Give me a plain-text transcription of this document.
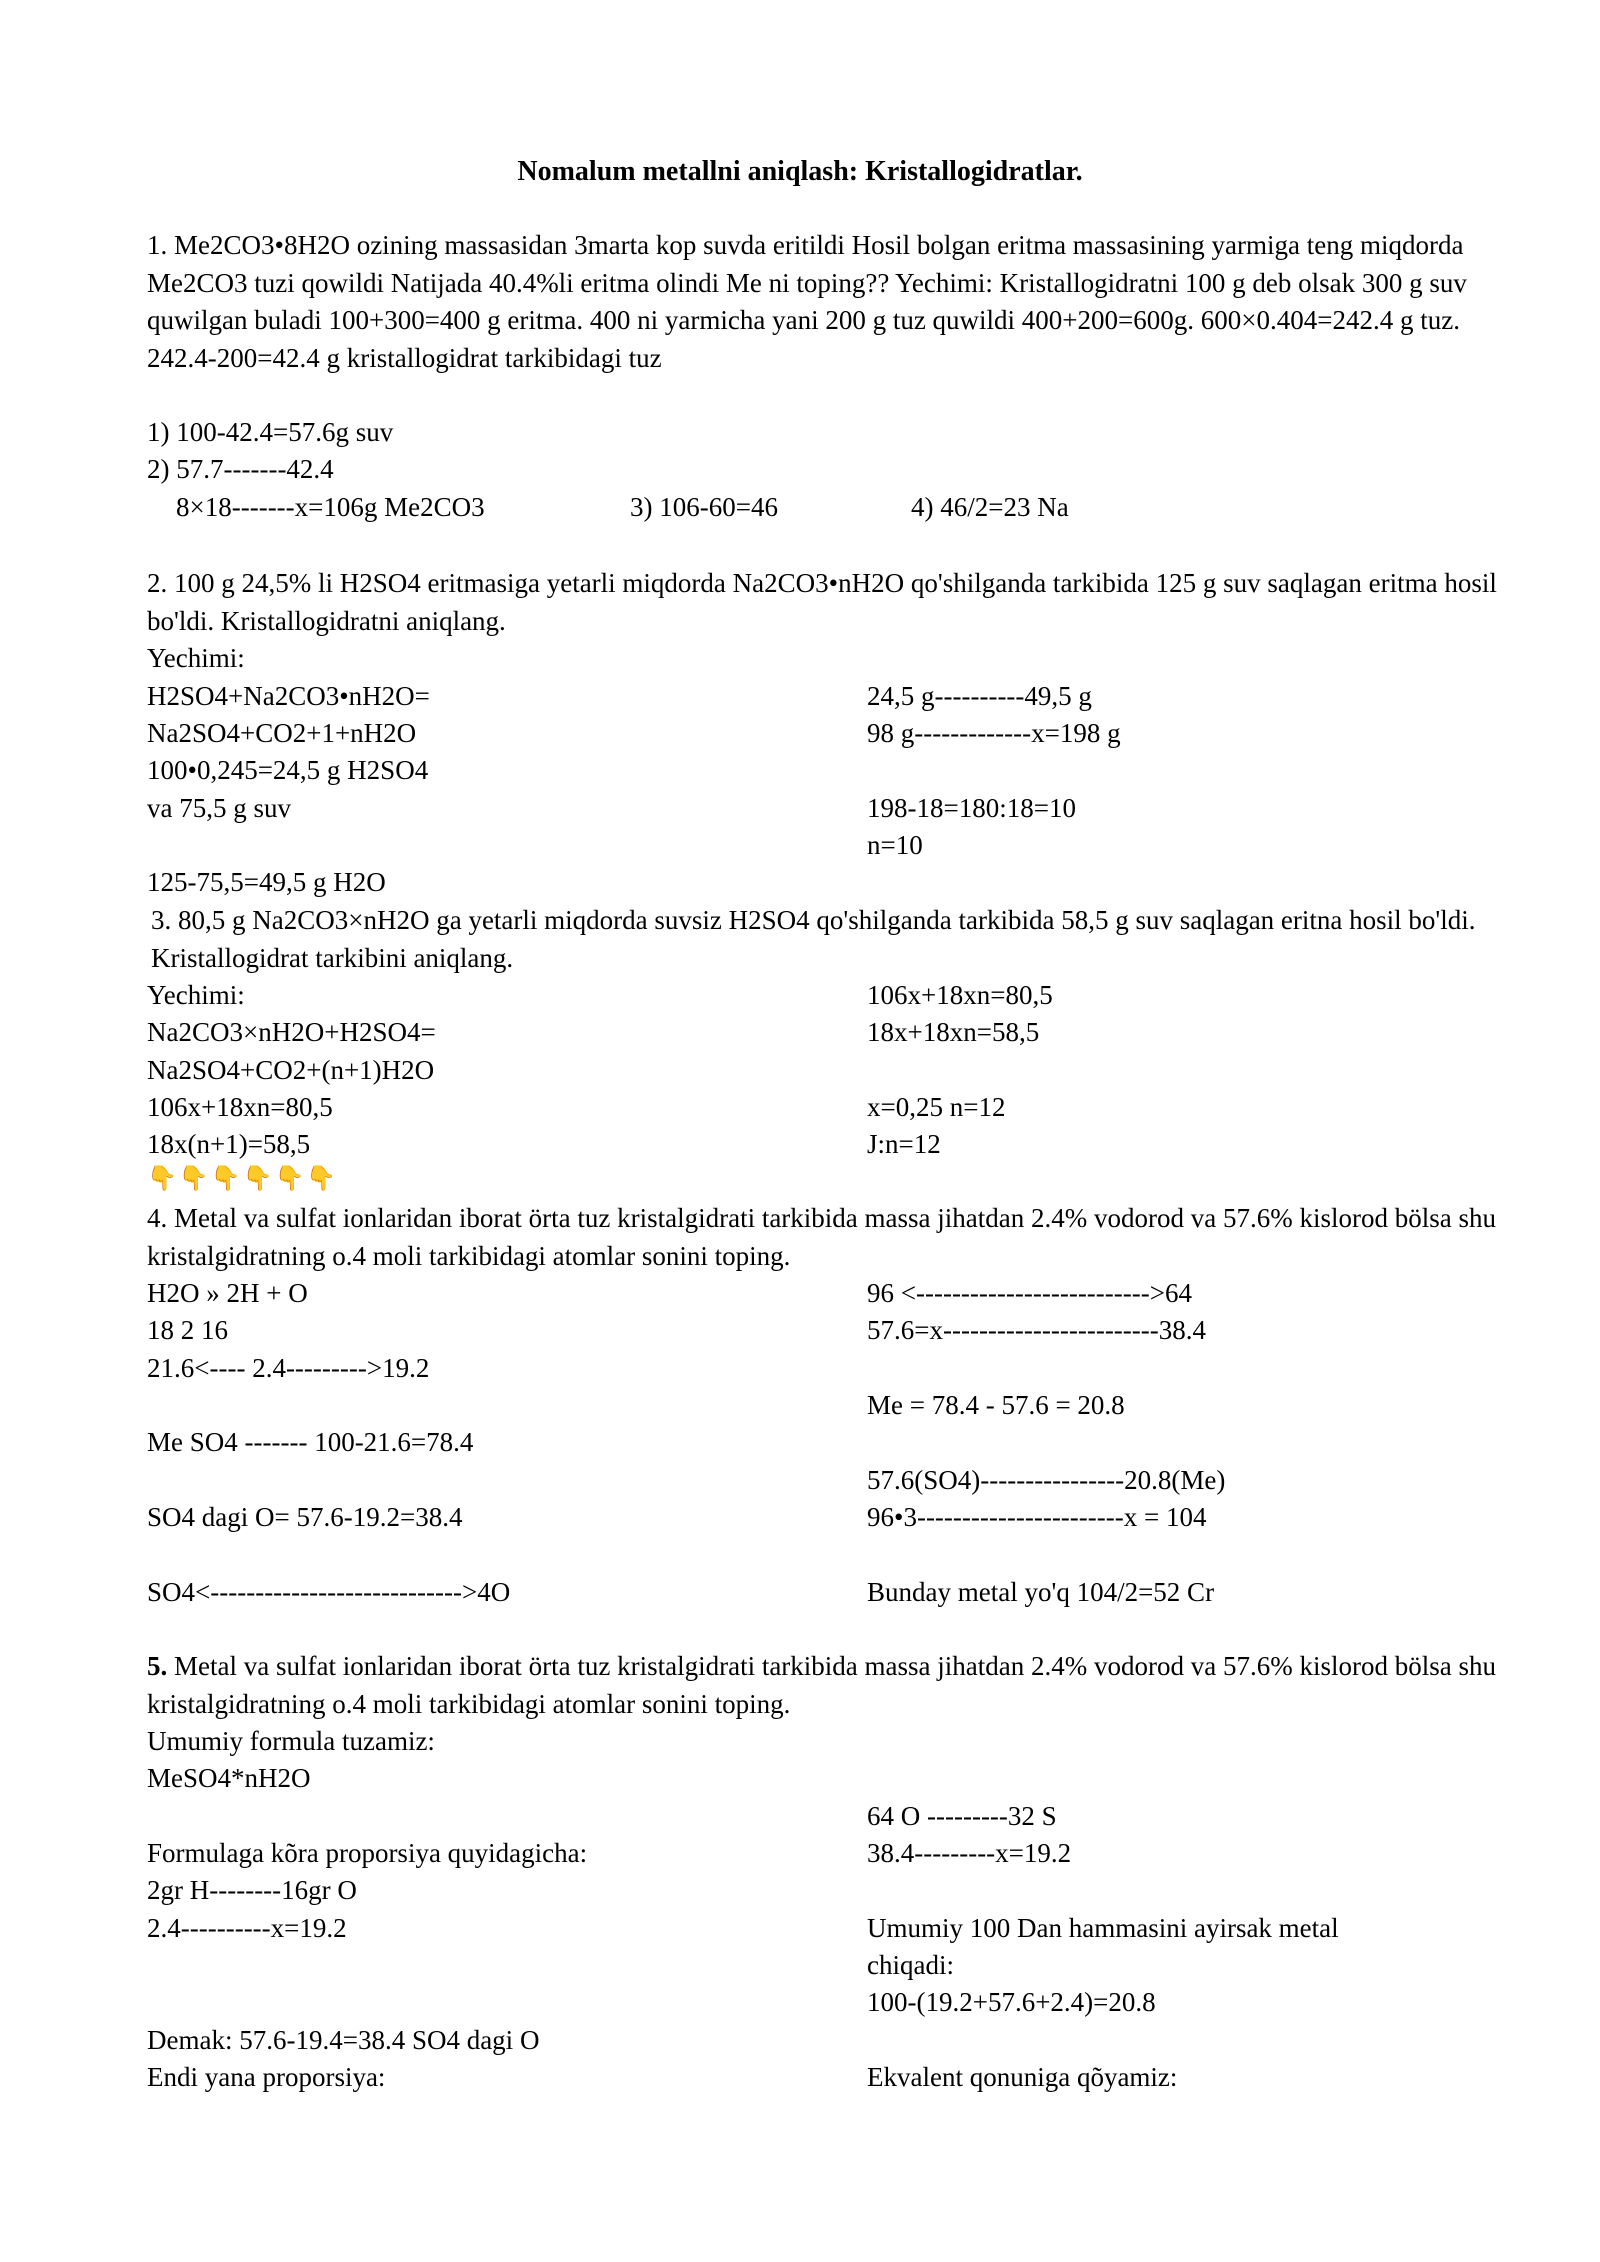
Nomalum metallni aniqlash: Kristallogidratlar.
1. Me2CO3•8H2O ozining massasidan 3marta kop suvda eritildi Hosil bolgan eritma massasining yarmiga teng miqdorda Me2CO3 tuzi qowildi Natijada 40.4%li eritma olindi Me ni toping?? Yechimi: Kristallogidratni 100 g deb olsak 300 g suv quwilgan buladi 100+300=400 g eritma. 400 ni yarmicha yani 200 g tuz quwildi 400+200=600g. 600×0.404=242.4 g tuz. 242.4-200=42.4 g kristallogidrat tarkibidagi tuz
1) 100-42.4=57.6g suv
2) 57.7-------42.4
8×18-------x=106g Me2CO3	3) 106-60=46	4) 46/2=23 Na
2. 100 g 24,5% li H2SO4 eritmasiga yetarli miqdorda Na2CO3•nH2O qo'shilganda tarkibida 125 g suv saqlagan eritma hosil bo'ldi. Kristallogidratni aniqlang.
Yechimi:
H2SO4+Na2CO3•nH2O=
Na2SO4+CO2+1+nH2O
100•0,245=24,5 g H2SO4
va 75,5 g suv
125-75,5=49,5 g H2O
24,5 g----------49,5 g
98 g-------------x=198 g
198-18=180:18=10
n=10
3. 80,5 g Na2CO3×nH2O ga yetarli miqdorda suvsiz H2SO4 qo'shilganda tarkibida 58,5 g suv saqlagan eritna hosil bo'ldi. Kristallogidrat tarkibini aniqlang.
Yechimi:
Na2CO3×nH2O+H2SO4=
Na2SO4+CO2+(n+1)H2O
106x+18xn=80,5
18x(n+1)=58,5
👇👇👇👇👇👇
106x+18xn=80,5
18x+18xn=58,5
x=0,25 n=12
J:n=12
4. Metal va sulfat ionlaridan iborat örta tuz kristalgidrati tarkibida massa jihatdan 2.4% vodorod va 57.6% kislorod bölsa shu kristalgidratning o.4 moli tarkibidagi atomlar sonini toping.
H2O » 2H + O
18 2 16
21.6<---- 2.4--------->19.2
Me SO4 ------- 100-21.6=78.4
SO4 dagi O= 57.6-19.2=38.4
SO4<---------------------------->4O
96 <-------------------------->64
57.6=x------------------------38.4
Me = 78.4 - 57.6 = 20.8
57.6(SO4)----------------20.8(Me)
96•3-----------------------x = 104
Bunday metal yo'q 104/2=52 Cr
5. Metal va sulfat ionlaridan iborat örta tuz kristalgidrati tarkibida massa jihatdan 2.4% vodorod va 57.6% kislorod bölsa shu kristalgidratning o.4 moli tarkibidagi atomlar sonini toping.
Umumiy formula tuzamiz:
MeSO4*nH2O
Formulaga kõra proporsiya quyidagicha:
2gr H--------16gr O
2.4----------x=19.2
Demak: 57.6-19.4=38.4 SO4 dagi O
Endi yana proporsiya:
64 O ---------32 S
38.4---------x=19.2
Umumiy 100 Dan hammasini ayirsak metal
chiqadi:
100-(19.2+57.6+2.4)=20.8
Ekvalent qonuniga qõyamiz:
